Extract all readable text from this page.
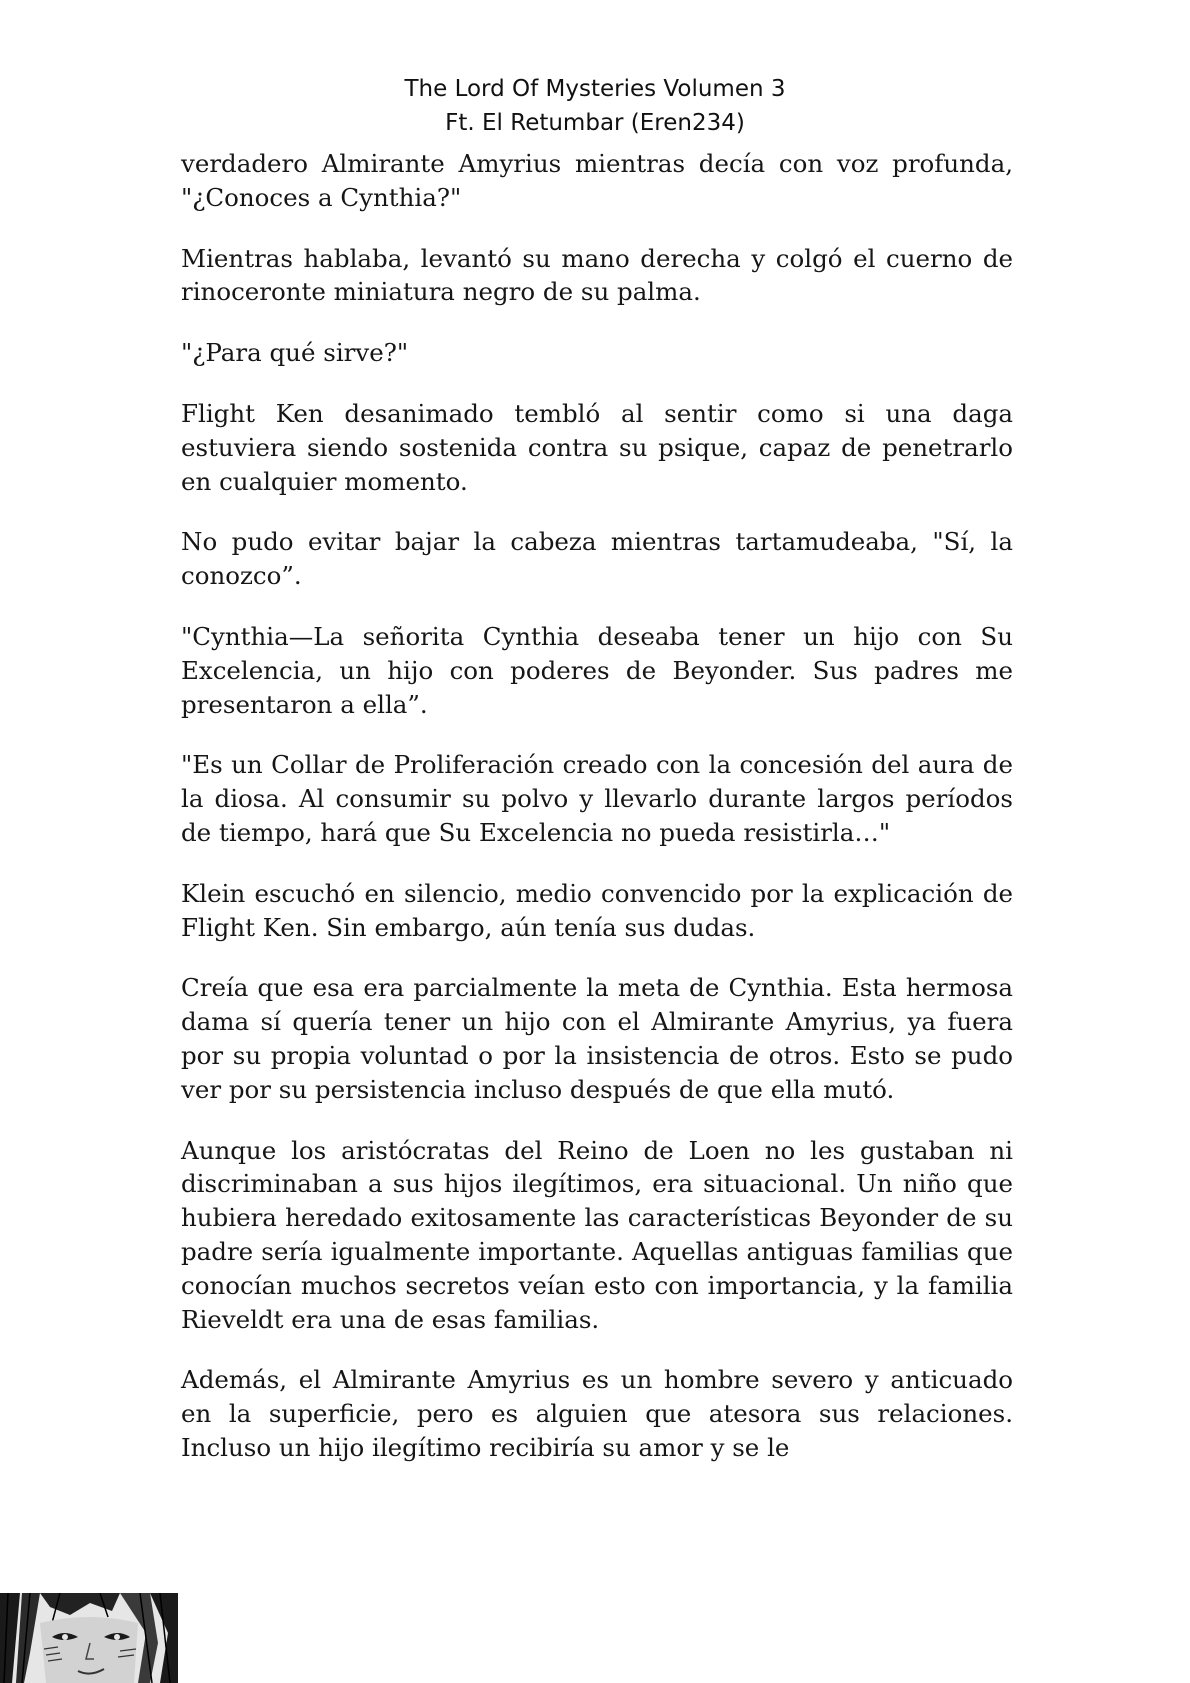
The Lord Of Mysteries Volumen 3
Ft. El Retumbar (Eren234)

verdadero Almirante Amyrius mientras decía con voz profunda, "¿Conoces a Cynthia?"

Mientras hablaba, levantó su mano derecha y colgó el cuerno de rinoceronte miniatura negro de su palma.

"¿Para qué sirve?"

Flight Ken desanimado tembló al sentir como si una daga estuviera siendo sostenida contra su psique, capaz de penetrarlo en cualquier momento.

No pudo evitar bajar la cabeza mientras tartamudeaba, "Sí, la conozco”.

"Cynthia—La señorita Cynthia deseaba tener un hijo con Su Excelencia, un hijo con poderes de Beyonder. Sus padres me presentaron a ella”.

"Es un Collar de Proliferación creado con la concesión del aura de la diosa. Al consumir su polvo y llevarlo durante largos períodos de tiempo, hará que Su Excelencia no pueda resistirla…"

Klein escuchó en silencio, medio convencido por la explicación de Flight Ken. Sin embargo, aún tenía sus dudas.

Creía que esa era parcialmente la meta de Cynthia. Esta hermosa dama sí quería tener un hijo con el Almirante Amyrius, ya fuera por su propia voluntad o por la insistencia de otros. Esto se pudo ver por su persistencia incluso después de que ella mutó.

Aunque los aristócratas del Reino de Loen no les gustaban ni discriminaban a sus hijos ilegítimos, era situacional. Un niño que hubiera heredado exitosamente las características Beyonder de su padre sería igualmente importante. Aquellas antiguas familias que conocían muchos secretos veían esto con importancia, y la familia Rieveldt era una de esas familias.

Además, el Almirante Amyrius es un hombre severo y anticuado en la superficie, pero es alguien que atesora sus relaciones. Incluso un hijo ilegítimo recibiría su amor y se le
